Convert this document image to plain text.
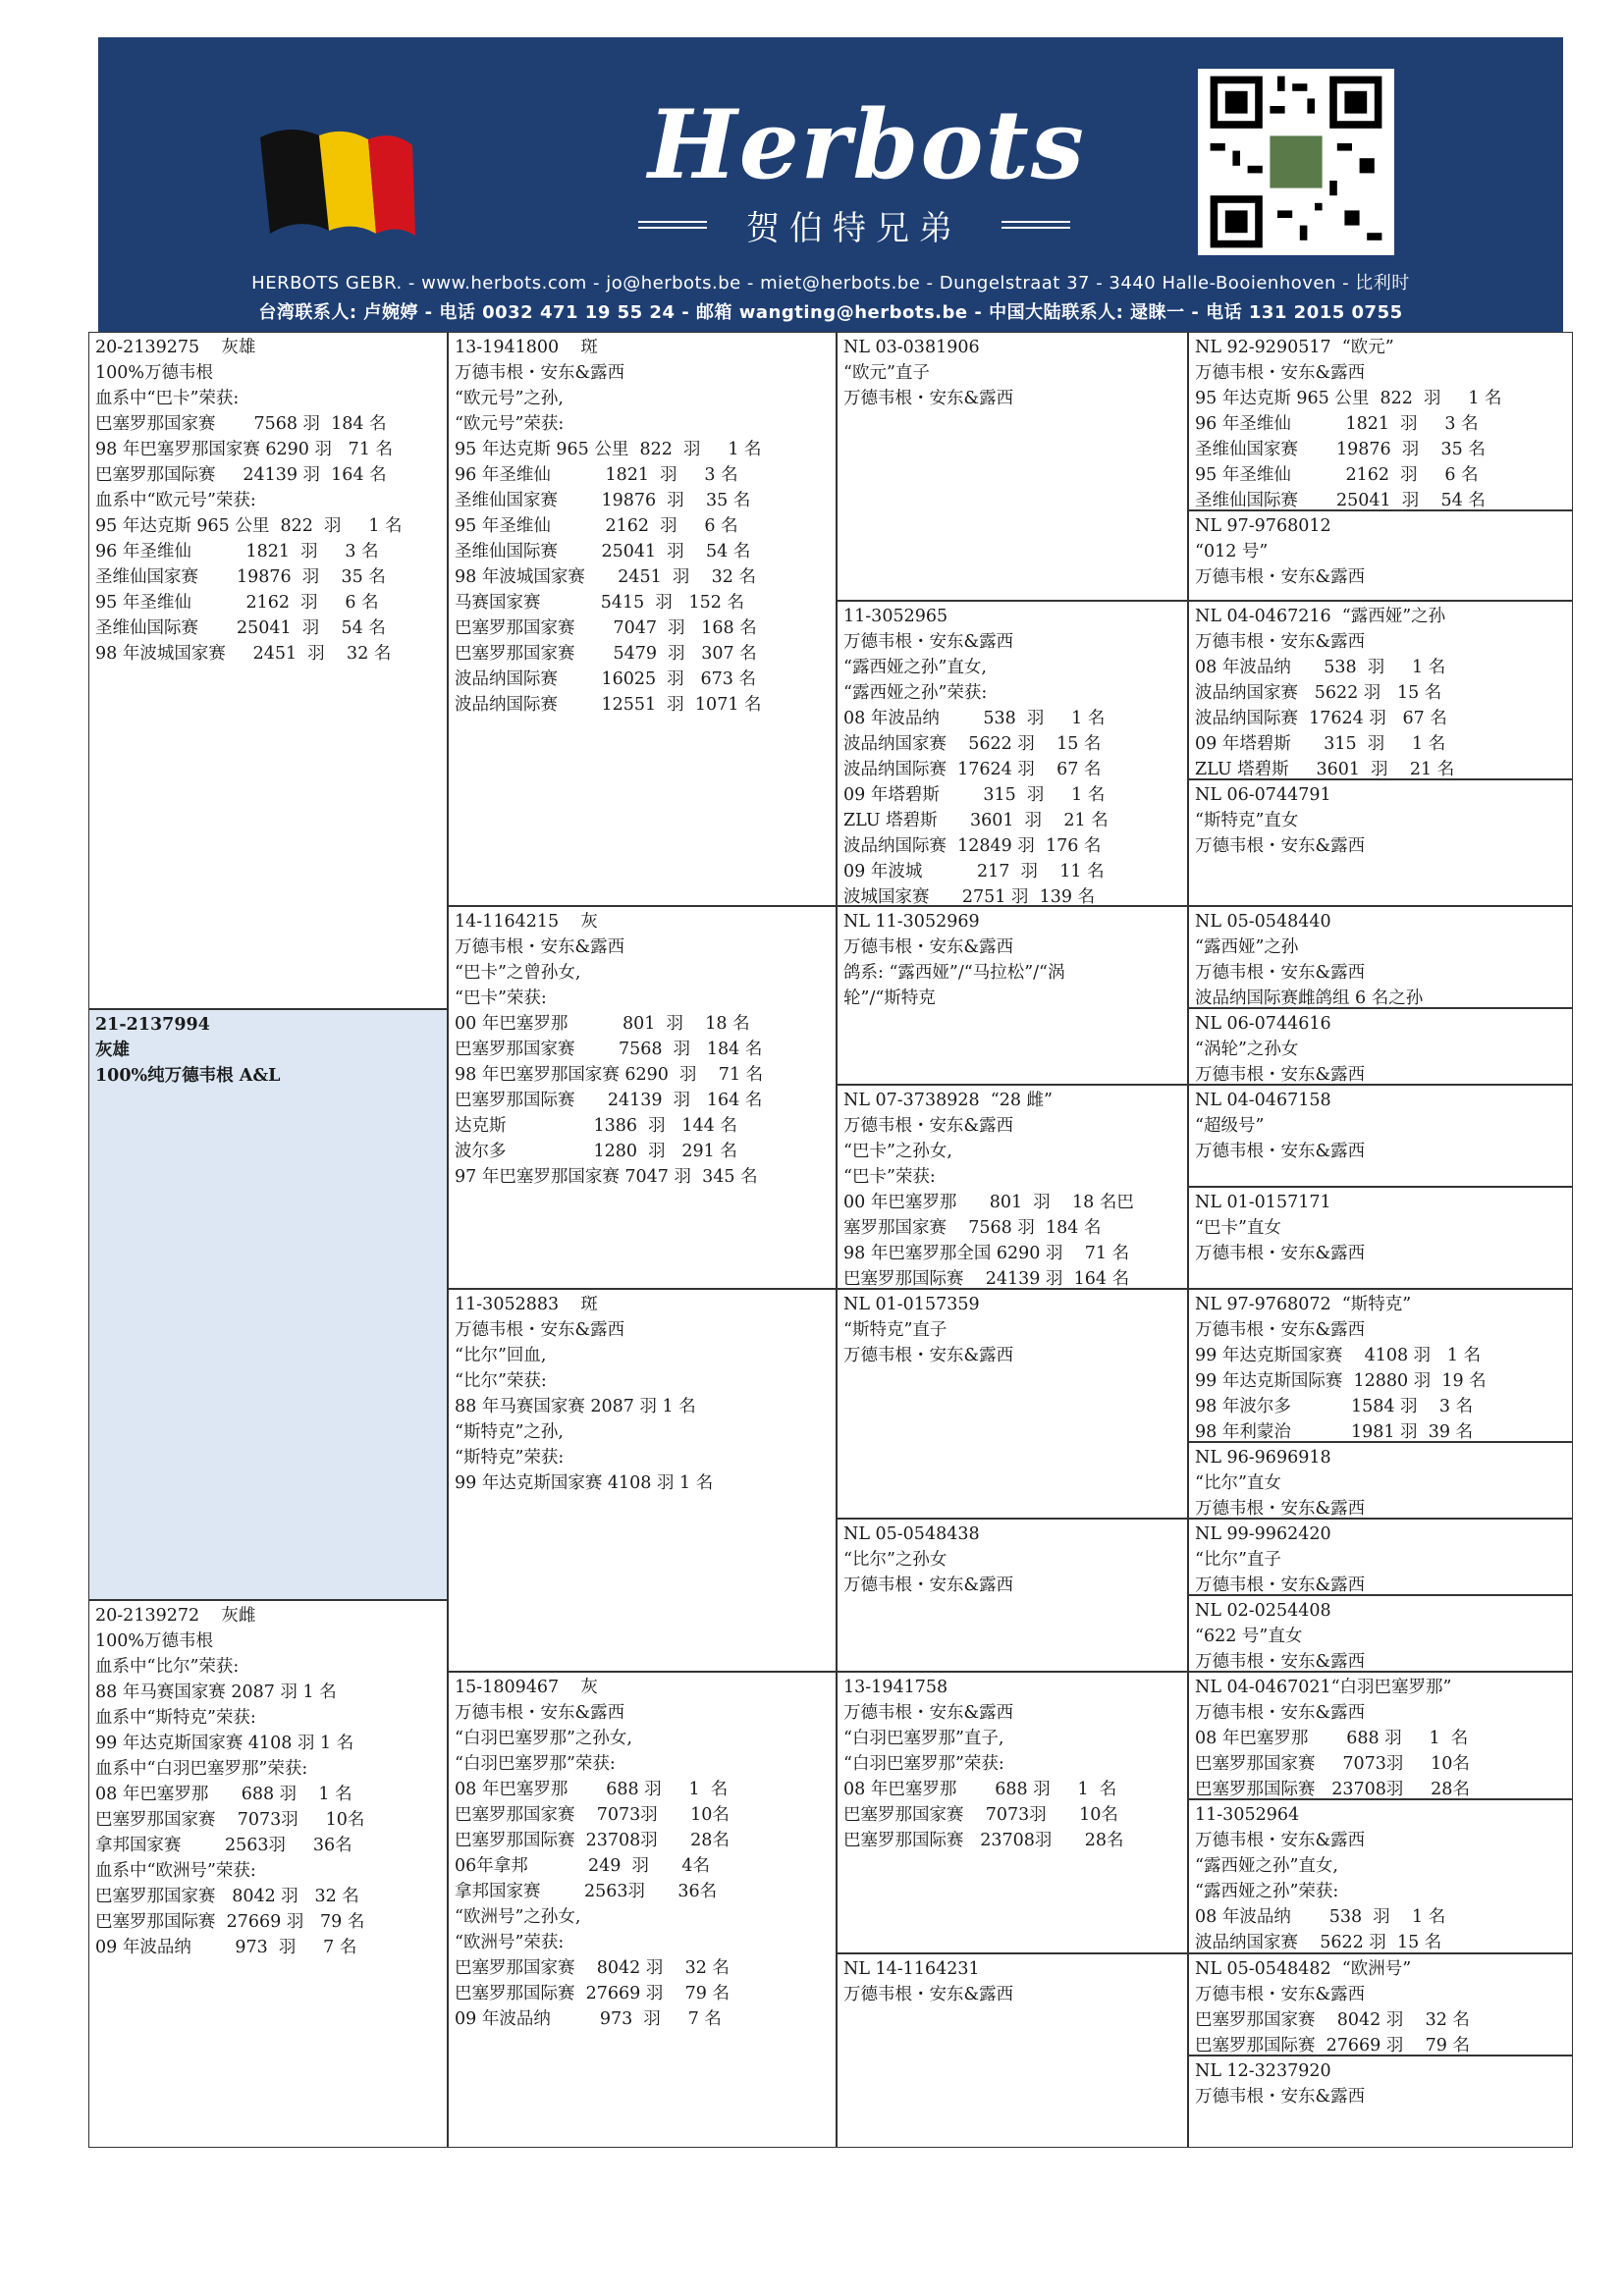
Herbots
贺伯特兄弟
HERBOTS GEBR. - www.herbots.com - jo@herbots.be - miet@herbots.be - Dungelstraat 37 - 3440 Halle-Booienhoven - 比利时
台湾联系人: 卢婉婷 - 电话 0032 471 19 55 24 - 邮箱 wangting@herbots.be - 中国大陆联系人: 逯睐一 - 电话 131 2015 0755
20-2139275    灰雄
100%万德韦根
血系中“巴卡”荣获:
巴塞罗那国家赛       7568 羽  184 名
98 年巴塞罗那国家赛 6290 羽   71 名
巴塞罗那国际赛     24139 羽  164 名
血系中“欧元号”荣获:
95 年达克斯 965 公里  822  羽     1 名
96 年圣维仙          1821  羽     3 名
圣维仙国家赛       19876  羽    35 名
95 年圣维仙          2162  羽     6 名
圣维仙国际赛       25041  羽    54 名
98 年波城国家赛     2451  羽    32 名
21-2137994
灰雄
100%纯万德韦根 A&L
20-2139272    灰雌
100%万德韦根
血系中“比尔”荣获:
88 年马赛国家赛 2087 羽 1 名
血系中“斯特克”荣获:
99 年达克斯国家赛 4108 羽 1 名
血系中“白羽巴塞罗那”荣获:
08 年巴塞罗那      688 羽    1 名
巴塞罗那国家赛    7073羽     10名
拿邦国家赛        2563羽     36名
血系中“欧洲号”荣获:
巴塞罗那国家赛   8042 羽   32 名
巴塞罗那国际赛  27669 羽   79 名
09 年波品纳        973  羽     7 名
13-1941800    斑
万德韦根・安东&露西
“欧元号”之孙,
“欧元号”荣获:
95 年达克斯 965 公里  822  羽     1 名
96 年圣维仙          1821  羽     3 名
圣维仙国家赛        19876  羽    35 名
95 年圣维仙          2162  羽     6 名
圣维仙国际赛        25041  羽    54 名
98 年波城国家赛      2451  羽    32 名
马赛国家赛           5415  羽   152 名
巴塞罗那国家赛       7047  羽   168 名
巴塞罗那国家赛       5479  羽   307 名
波品纳国际赛        16025  羽   673 名
波品纳国际赛        12551  羽  1071 名
14-1164215    灰
万德韦根・安东&露西
“巴卡”之曾孙女,
“巴卡”荣获:
00 年巴塞罗那          801  羽    18 名
巴塞罗那国家赛        7568  羽   184 名
98 年巴塞罗那国家赛 6290  羽    71 名
巴塞罗那国际赛      24139  羽   164 名
达克斯                1386  羽   144 名
波尔多                1280  羽   291 名
97 年巴塞罗那国家赛 7047 羽  345 名
11-3052883    斑
万德韦根・安东&露西
“比尔”回血,
“比尔”荣获:
88 年马赛国家赛 2087 羽 1 名
“斯特克”之孙,
“斯特克”荣获:
99 年达克斯国家赛 4108 羽 1 名
15-1809467    灰
万德韦根・安东&露西
“白羽巴塞罗那”之孙女,
“白羽巴塞罗那”荣获:
08 年巴塞罗那       688 羽     1  名
巴塞罗那国家赛    7073羽      10名
巴塞罗那国际赛  23708羽      28名
06年拿邦           249  羽      4名
拿邦国家赛        2563羽      36名
“欧洲号”之孙女,
“欧洲号”荣获:
巴塞罗那国家赛    8042 羽    32 名
巴塞罗那国际赛  27669 羽    79 名
09 年波品纳         973  羽     7 名
NL 03-0381906
“欧元”直子
万德韦根・安东&露西
11-3052965
万德韦根・安东&露西
“露西娅之孙”直女,
“露西娅之孙”荣获:
08 年波品纳        538  羽     1 名
波品纳国家赛    5622 羽    15 名
波品纳国际赛  17624 羽    67 名
09 年塔碧斯        315  羽     1 名
ZLU 塔碧斯      3601  羽    21 名
波品纳国际赛  12849 羽  176 名
09 年波城          217  羽    11 名
波城国家赛      2751 羽  139 名
NL 11-3052969
万德韦根・安东&露西
鸽系: “露西娅”/“马拉松”/“涡
轮”/“斯特克
NL 07-3738928  “28 雌”
万德韦根・安东&露西
“巴卡”之孙女,
“巴卡”荣获:
00 年巴塞罗那      801  羽    18 名巴
塞罗那国家赛    7568 羽  184 名
98 年巴塞罗那全国 6290 羽    71 名
巴塞罗那国际赛    24139 羽  164 名
NL 01-0157359
“斯特克”直子
万德韦根・安东&露西
NL 05-0548438
“比尔”之孙女
万德韦根・安东&露西
13-1941758
万德韦根・安东&露西
“白羽巴塞罗那”直子,
“白羽巴塞罗那”荣获:
08 年巴塞罗那       688 羽     1  名
巴塞罗那国家赛    7073羽      10名
巴塞罗那国际赛   23708羽      28名
NL 14-1164231
万德韦根・安东&露西
NL 92-9290517  “欧元”
万德韦根・安东&露西
95 年达克斯 965 公里  822  羽     1 名
96 年圣维仙          1821  羽     3 名
圣维仙国家赛       19876  羽    35 名
95 年圣维仙          2162  羽     6 名
圣维仙国际赛       25041  羽    54 名
NL 97-9768012
“012 号”
万德韦根・安东&露西
NL 04-0467216  “露西娅”之孙
万德韦根・安东&露西
08 年波品纳      538  羽     1 名
波品纳国家赛   5622 羽   15 名
波品纳国际赛  17624 羽   67 名
09 年塔碧斯      315  羽     1 名
ZLU 塔碧斯     3601  羽    21 名
NL 06-0744791
“斯特克”直女
万德韦根・安东&露西
NL 05-0548440
“露西娅”之孙
万德韦根・安东&露西
波品纳国际赛雌鸽组 6 名之孙
NL 06-0744616
“涡轮”之孙女
万德韦根・安东&露西
NL 04-0467158
“超级号”
万德韦根・安东&露西
NL 01-0157171
“巴卡”直女
万德韦根・安东&露西
NL 97-9768072  “斯特克”
万德韦根・安东&露西
99 年达克斯国家赛    4108 羽   1 名
99 年达克斯国际赛  12880 羽  19 名
98 年波尔多           1584 羽    3 名
98 年利蒙治           1981 羽  39 名
NL 96-9696918
“比尔”直女
万德韦根・安东&露西
NL 99-9962420
“比尔”直子
万德韦根・安东&露西
NL 02-0254408
“622 号”直女
万德韦根・安东&露西
NL 04-0467021“白羽巴塞罗那”
万德韦根・安东&露西
08 年巴塞罗那       688 羽     1  名
巴塞罗那国家赛     7073羽     10名
巴塞罗那国际赛   23708羽     28名
11-3052964
万德韦根・安东&露西
“露西娅之孙”直女,
“露西娅之孙”荣获:
08 年波品纳       538  羽    1 名
波品纳国家赛    5622 羽  15 名
NL 05-0548482  “欧洲号”
万德韦根・安东&露西
巴塞罗那国家赛    8042 羽    32 名
巴塞罗那国际赛  27669 羽    79 名
NL 12-3237920
万德韦根・安东&露西
